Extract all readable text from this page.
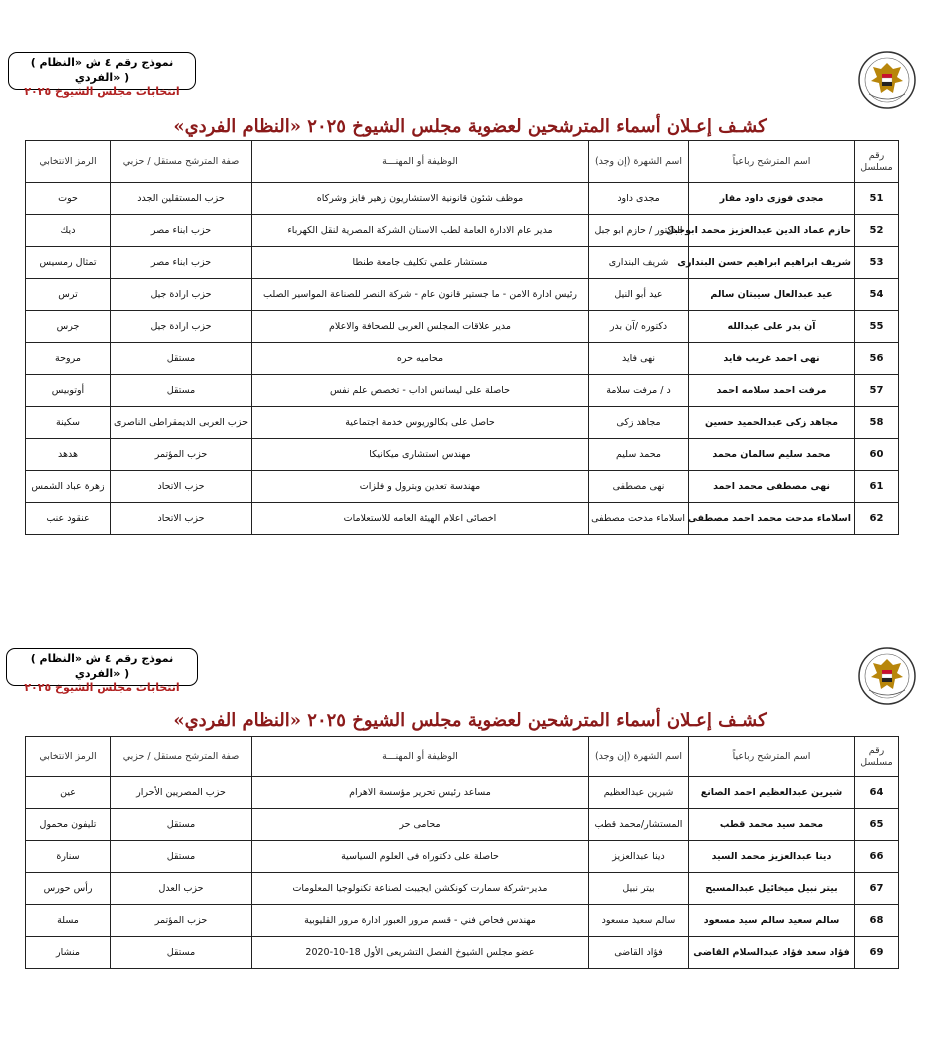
( نموذج رقم ٤ ش «النظام الفردي» )
انتخابات مجلس الشيوخ ٢٠٢٥
كشـف إعـلان أسماء المترشحين لعضوية مجلس الشيوخ ٢٠٢٥ «النظام الفردي»
رقم مسلسل	اسم المترشح رباعياً	اسم الشهرة (إن وجد)	الوظيفة أو المهنـــة	صفة المترشح مستقل / حزبي	الرمز الانتخابي
51	مجدى فوزى داود مقار	مجدى داود	موظف شئون قانونية الاستشاريون زهير فايز وشركاه	حزب المستقلين الجدد	حوت
52	حازم عماد الدين عبدالعزيز محمد ابوجبل	الدكتور / حازم ابو جبل	مدير عام الادارة العامة لطب الاسنان الشركة المصرية لنقل الكهرباء	حزب ابناء مصر	ديك
53	شريف ابراهيم ابراهيم حسن البندارى	شريف البندارى	مستشار علمي تكليف جامعة طنطا	حزب ابناء مصر	تمثال رمسيس
54	عيد عبدالعال سيبتان سالم	عيد أبو النيل	رئيس ادارة الامن - ما جستير قانون عام - شركة النصر للصناعة المواسير الصلب	حزب ارادة جيل	ترس
55	آن بدر على عبدالله	دكتوره /آن بدر	مدير علاقات المجلس العربى للصحافة والاعلام	حزب ارادة جيل	جرس
56	نهى احمد غريب فايد	نهى فايد	محاميه حره	مستقل	مروحة
57	مرفت احمد سلامه احمد	د / مرفت سلامة	حاصلة على ليسانس اداب - تخصص علم نفس	مستقل	أوتوبيس
58	مجاهد زكى عبدالحميد حسين	مجاهد زكى	حاصل على بكالوريوس خدمة اجتماعية	حزب العربى الديمقراطى الناصرى	سكينة
60	محمد سليم سالمان محمد	محمد سليم	مهندس استشارى ميكانيكا	حزب المؤتمر	هدهد
61	نهى مصطفى محمد احمد	نهى مصطفى	مهندسة تعدين وبترول و فلزات	حزب الاتحاد	زهرة عباد الشمس
62	اسلاماء مدحت محمد احمد مصطفى	اسلاماء مدحت مصطفى	اخصائى اعلام الهيئة العامه للاستعلامات	حزب الاتحاد	عنقود عنب
( نموذج رقم ٤ ش «النظام الفردي» )
انتخابات مجلس الشيوخ ٢٠٢٥
كشـف إعـلان أسماء المترشحين لعضوية مجلس الشيوخ ٢٠٢٥ «النظام الفردي»
رقم مسلسل	اسم المترشح رباعياً	اسم الشهرة (إن وجد)	الوظيفة أو المهنـــة	صفة المترشح مستقل / حزبي	الرمز الانتخابي
64	شيرين عبدالعظيم احمد الصانع	شيرين عبدالعظيم	مساعد رئيس تحرير مؤسسة الاهرام	حزب المصريين الأحرار	عين
65	محمد سيد محمد قطب	المستشار/محمد قطب	محامى حر	مستقل	تليفون محمول
66	دينا عبدالعزيز محمد السيد	دينا عبدالعزيز	حاصلة على دكتوراه فى العلوم السياسية	مستقل	سنارة
67	بيتر نبيل ميخائيل عبدالمسيح	بيتر نبيل	مدير-شركة سمارت كونكشن ايجيبت لصناعة تكنولوجيا المعلومات	حزب العدل	رأس حورس
68	سالم سعيد سالم سيد مسعود	سالم سعيد مسعود	مهندس فحاص فني - قسم مرور العبور ادارة مرور القليوبية	حزب المؤتمر	مسلة
69	فؤاد سعد فؤاد عبدالسلام القاضى	فؤاد القاضى	عضو مجلس الشيوخ الفصل التشريعى الأول 18-10-2020	مستقل	منشار
